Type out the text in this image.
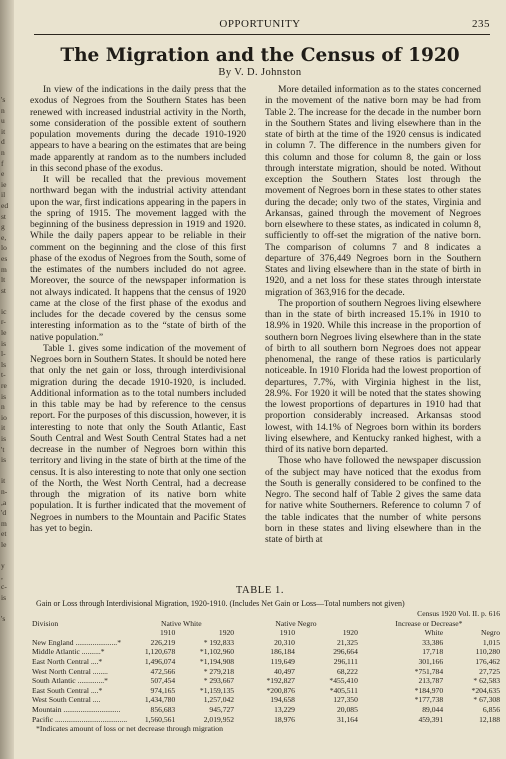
's
n
u
it
d
n
f
e
ie
il
ed
st
g
e,
lo
es
m
lt
st

ic
r-
le
is
l-
ls
t-
re
is
n
io
it
is
't
is

it
n-
,a
'd
m
et
le

y
,
c-
is

's
OPPORTUNITY	235
The Migration and the Census of 1920
By V. D. Johnston

In view of the indications in the daily press that the exodus of Negroes from the Southern States has been renewed with increased industrial activity in the North, some consideration of the possible extent of southern population movements during the decade 1910-1920 appears to have a bearing on the estimates that are being made apparently at random as to the numbers included in this second phase of the exodus.

It will be recalled that the previous movement northward began with the industrial activity attendant upon the war, first indications appearing in the papers in the spring of 1915. The movement lagged with the beginning of the business depression in 1919 and 1920. While the daily papers appear to be reliable in their comment on the beginning and the close of this first phase of the exodus of Negroes from the South, some of the estimates of the numbers included do not agree. Moreover, the source of the newspaper information is not always indicated. It happens that the census of 1920 came at the close of the first phase of the exodus and includes for the decade covered by the census some interesting information as to the “state of birth of the native population.”

Table 1. gives some indication of the movement of Negroes born in Southern States. It should be noted here that only the net gain or loss, through interdivisional migration during the decade 1910-1920, is included. Additional information as to the total numbers included in this table may be had by reference to the census report. For the purposes of this discussion, however, it is interesting to note that only the South Atlantic, East South Central and West South Central States had a net decrease in the number of Negroes born within this territory and living in the state of birth at the time of the census. It is also interesting to note that only one section of the North, the West North Central, had a decrease through the migration of its native born white population. It is further indicated that the movement of Negroes in numbers to the Mountain and Pacific States has yet to begin.

More detailed information as to the states concerned in the movement of the native born may be had from Table 2. The increase for the decade in the number born in the Southern States and living elsewhere than in the state of birth at the time of the 1920 census is indicated in column 7. The difference in the numbers given for this column and those for column 8, the gain or loss through interstate migration, should be noted. Without exception the Southern States lost through the movement of Negroes born in these states to other states during the decade; only two of the states, Virginia and Arkansas, gained through the movement of Negroes born elsewhere to these states, as indicated in column 8, sufficiently to off-set the migration of the native born. The comparison of columns 7 and 8 indicates a departure of 376,449 Negroes born in the Southern States and living elsewhere than in the state of birth in 1920, and a net loss for these states through interstate migration of 363,916 for the decade.

The proportion of southern Negroes living elsewhere than in the state of birth increased 15.1% in 1910 to 18.9% in 1920. While this increase in the proportion of southern born Negroes living elsewhere than in the state of birth to all southern born Negroes does not appear phenomenal, the range of these ratios is particularly noticeable. In 1910 Florida had the lowest proportion of departures, 7.7%, with Virginia highest in the list, 28.9%. For 1920 it will be noted that the states showing the lowest proportions of departures in 1910 had that proportion considerably increased. Arkansas stood lowest, with 14.1% of Negroes born within its borders living elsewhere, and Kentucky ranked highest, with a third of its native born departed.

Those who have followed the newspaper discussion of the subject may have noticed that the exodus from the South is generally considered to be confined to the Negro. The second half of Table 2 gives the same data for native white Southerners. Reference to column 7 of the table indicates that the number of white persons born in these states and living elsewhere than in the state of birth at

TABLE 1.
Gain or Loss through Interdivisional Migration, 1920-1910. (Includes Net Gain or Loss—Total numbers not given)
					Census 1920 Vol. II. p. 616	
Division	Native White		Native Negro		Increase or Decrease*	
	1910	1920	1910	1920	White	Negro
New England ......................*	226,219	* 192,833	20,310	21,325	33,386	1,015
Middle Atlantic ..........*	1,120,678	*1,102,960	186,184	296,664	17,718	110,280
East North Central ....*	1,496,074	*1,194,908	119,649	296,111	301,166	176,462
West North Central ........	472,566	* 279,218	40,497	68,222	*751,784	27,725
South Atlantic ..............*	507,454	* 293,667	*192,827	*455,410	213,787	* 62,583
East South Central ....*	974,165	*1,159,135	*200,876	*405,511	*184,970	*204,635
West South Central ....	1,434,780	1,257,042	194,658	127,350	*177,738	* 67,308
Mountain ..............................	856,683	945,727	13,229	20,085	89,044	6,856
Pacific ......................................	1,560,561	2,019,952	18,976	31,164	459,391	12,188
*Indicates amount of loss or net decrease through migration
